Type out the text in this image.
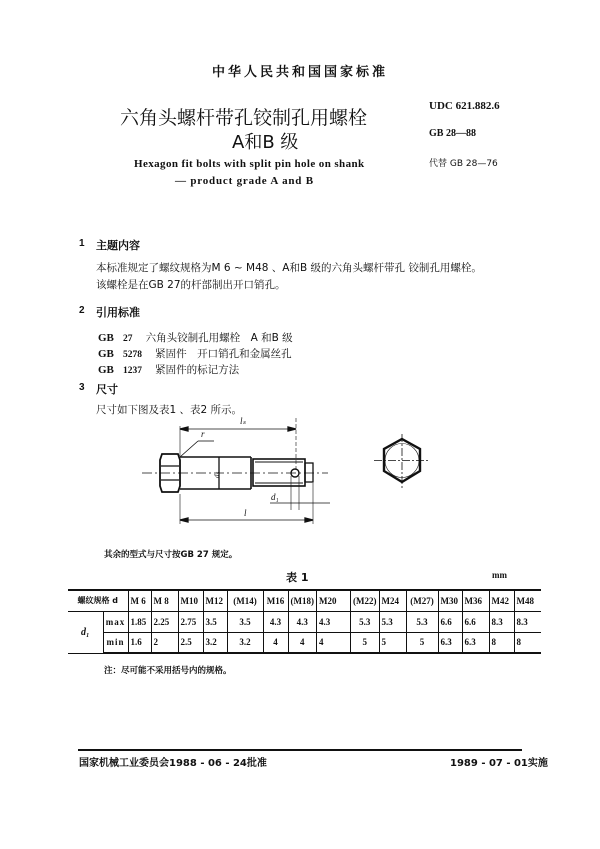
中华人民共和国国家标准
六角头螺杆带孔铰制孔用螺栓
A和B 级
Hexagon fit bolts with split pin hole on shank
— product grade A and B
UDC 621.882.6
GB 28—88
代替 GB 28—76
1 主题内容
本标准规定了螺纹规格为M 6 ~ M48 、A和B 级的六角头螺杆带孔 铰制孔用螺栓。
该螺栓是在GB 27的杆部制出开口销孔。
2 引用标准
GB 27 六角头铰制孔用螺栓　A 和B 级
GB 5278 紧固件　开口销孔和金属丝孔
GB 1237 紧固件的标记方法
3 尺寸
尺寸如下图及表1 、表2 所示。
lₛ
r
dₛ
d₁
l
其余的型式与尺寸按GB 27 规定。
表 1	mm
螺纹规格 d		M 6	M 8	M10	M12	(M14)	M16	(M18)	M20	(M22)	M24	(M27)	M30	M36	M42	M48
d₁	max	1.85	2.25	2.75	3.5	3.5	4.3	4.3	4.3	5.3	5.3	5.3	6.6	6.6	8.3	8.3
	min	1.6	2	2.5	3.2	3.2	4	4	4	5	5	5	6.3	6.3	8	8
注：尽可能不采用括号内的规格。
国家机械工业委员会1988 - 06 - 24批准	1989 - 07 - 01实施
